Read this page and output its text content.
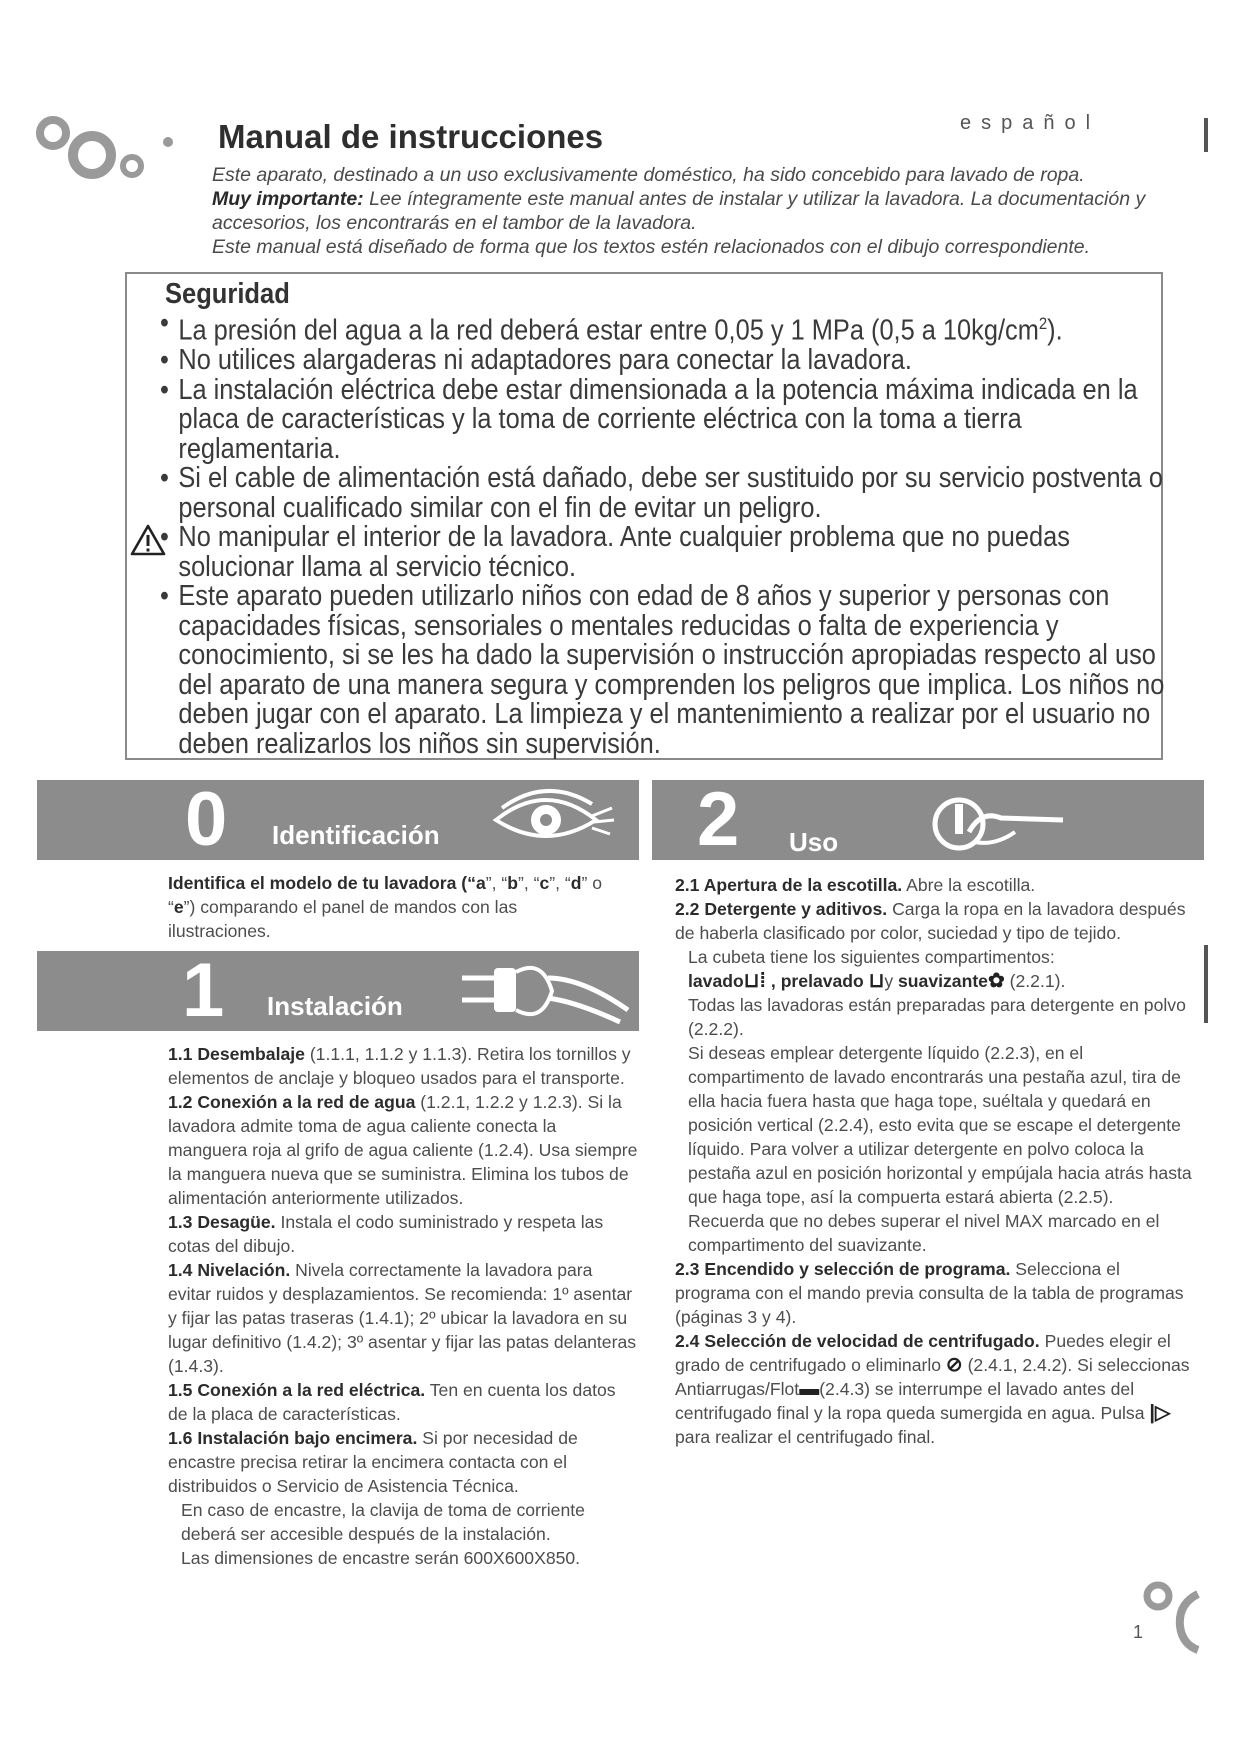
español
Manual de instrucciones

Este aparato, destinado a un uso exclusivamente doméstico, ha sido concebido para lavado de ropa.

Muy importante: Lee íntegramente este manual antes de instalar y utilizar la lavadora. La documentación y accesorios, los encontrarás en el tambor de la lavadora.

Este manual está diseñado de forma que los textos estén relacionados con el dibujo correspondiente.

Seguridad
• La presión del agua a la red deberá estar entre 0,05 y 1 MPa (0,5 a $10kg/cm^2$).
• No utilices alargaderas ni adaptadores para conectar la lavadora.
• La instalación eléctrica debe estar dimensionada a la potencia máxima indicada en la placa de características y la toma de corriente eléctrica con la toma a tierra reglamentaria.
• Si el cable de alimentación está dañado, debe ser sustituido por su servicio postventa o personal cualificado similar con el fin de evitar un peligro.
• No manipular el interior de la lavadora. Ante cualquier problema que no puedas solucionar llama al servicio técnico.
• Este aparato pueden utilizarlo niños con edad de 8 años y superior y personas con capacidades físicas, sensoriales o mentales reducidas o falta de experiencia y conocimiento, si se les ha dado la supervisión o instrucción apropiadas respecto al uso del aparato de una manera segura y comprenden los peligros que implica. Los niños no deben jugar con el aparato. La limpieza y el mantenimiento a realizar por el usuario no deben realizarlos los niños sin supervisión.
0 Identificación

Identifica el modelo de tu lavadora (“a”, “b”, “c”, “d” o “e”) comparando el panel de mandos con las ilustraciones.

1 Instalación

1.1 Desembalaje (1.1.1, 1.1.2 y 1.1.3). Retira los tornillos y elementos de anclaje y bloqueo usados para el transporte.

1.2 Conexión a la red de agua (1.2.1, 1.2.2 y 1.2.3). Si la lavadora admite toma de agua caliente conecta la manguera roja al grifo de agua caliente (1.2.4). Usa siempre la manguera nueva que se suministra. Elimina los tubos de alimentación anteriormente utilizados.

1.3 Desagüe. Instala el codo suministrado y respeta las cotas del dibujo.

1.4 Nivelación. Nivela correctamente la lavadora para evitar ruidos y desplazamientos. Se recomienda: 1º asentar y fijar las patas traseras (1.4.1); 2º ubicar la lavadora en su lugar definitivo (1.4.2); 3º asentar y fijar las patas delanteras (1.4.3).

1.5 Conexión a la red eléctrica. Ten en cuenta los datos de la placa de características.

1.6 Instalación bajo encimera. Si por necesidad de encastre precisa retirar la encimera contacta con el distribuidos o Servicio de Asistencia Técnica.

En caso de encastre, la clavija de toma de corriente deberá ser accesible después de la instalación.

Las dimensiones de encastre serán 600X600X850.

2 Uso

2.1 Apertura de la escotilla. Abre la escotilla.

2.2 Detergente y aditivos. Carga la ropa en la lavadora después de haberla clasificado por color, suciedad y tipo de tejido.

La cubeta tiene los siguientes compartimentos:

lavado⊔⁞ , prelavado ⊔y suavizante✿ (2.2.1).

Todas las lavadoras están preparadas para detergente en polvo (2.2.2).

Si deseas emplear detergente líquido (2.2.3), en el compartimento de lavado encontrarás una pestaña azul, tira de ella hacia fuera hasta que haga tope, suéltala y quedará en posición vertical (2.2.4), esto evita que se escape el detergente líquido. Para volver a utilizar detergente en polvo coloca la pestaña azul en posición horizontal y empújala hacia atrás hasta que haga tope, así la compuerta estará abierta (2.2.5).

Recuerda que no debes superar el nivel MAX marcado en el compartimento del suavizante.

2.3 Encendido y selección de programa. Selecciona el programa con el mando previa consulta de la tabla de programas (páginas 3 y 4).

2.4 Selección de velocidad de centrifugado. Puedes elegir el grado de centrifugado o eliminarlo ⊘ (2.4.1, 2.4.2). Si seleccionas Antiarrugas/Flot▬(2.4.3) se interrumpe el lavado antes del centrifugado final y la ropa queda sumergida en agua. Pulsa |▷ para realizar el centrifugado final.

1
